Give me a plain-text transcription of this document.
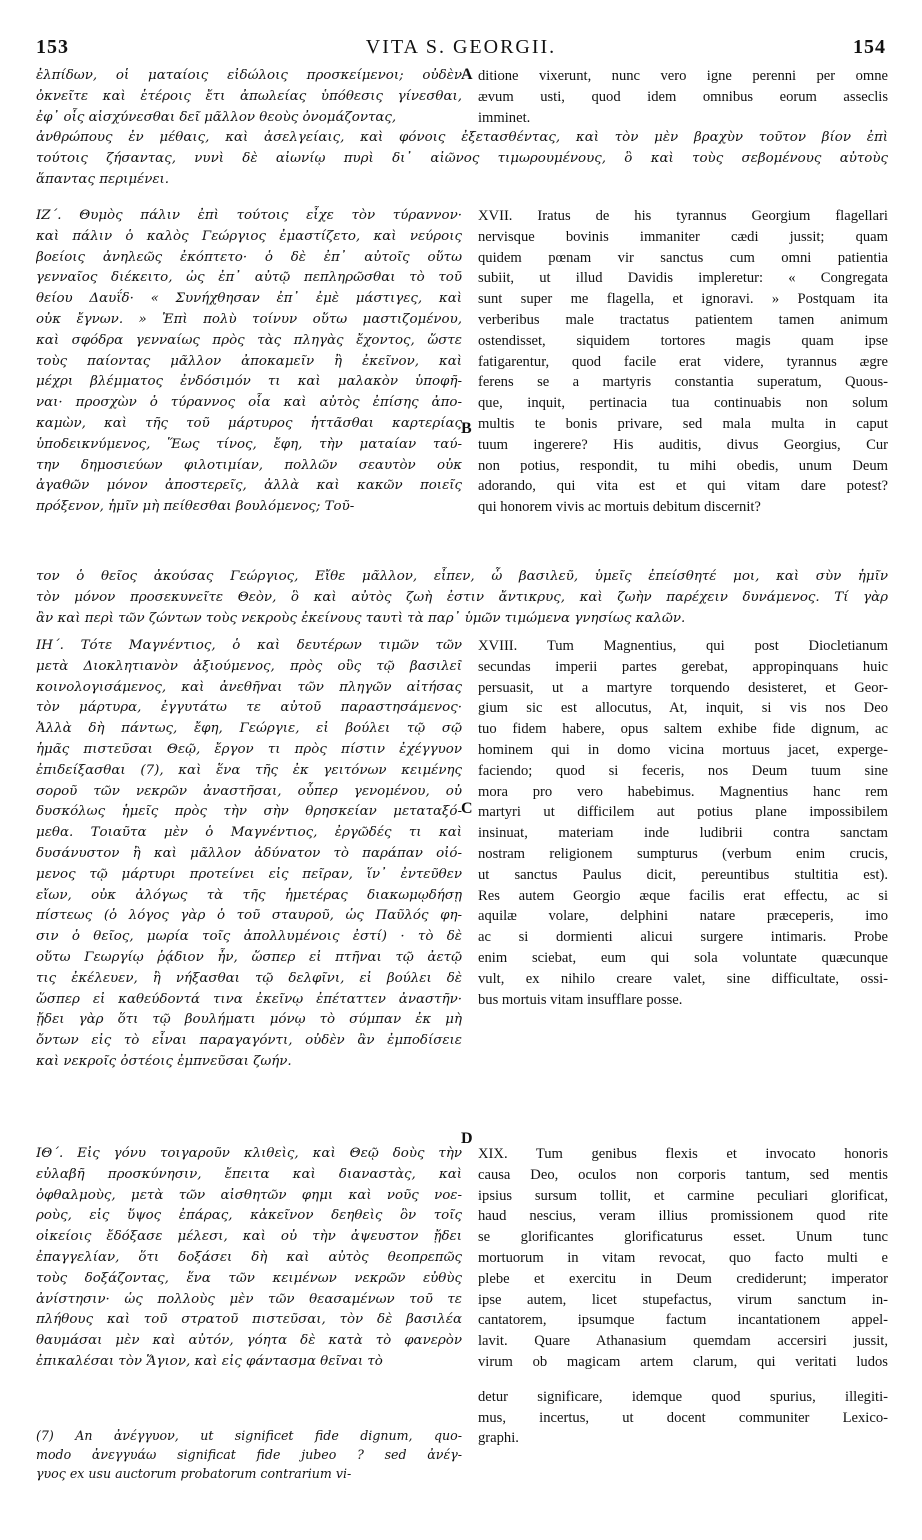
153	VITA S. GEORGII.	154
A
B
C
D
ἐλπίδων, οἱ ματαίοις εἰδώλοις προσκείμενοι; οὐδὲν
ὀκνεῖτε καὶ ἑτέροις ἔτι ἀπωλείας ὑπόθεσις γίνεσθαι,
ἐφ᾽ οἷς αἰσχύνεσθαι δεῖ μᾶλλον θεοὺς ὀνομάζοντας,
ἀνθρώπους ἐν μέθαις, καὶ ἀσελγείαις, καὶ φόνοις ἐξετασθέντας, καὶ τὸν μὲν βραχὺν τοῦτον βίον ἐπὶ
τούτοις ζήσαντας, νυνὶ δὲ αἰωνίῳ πυρὶ δι᾽ αἰῶνος τιμωρουμένους, ὃ καὶ τοὺς σεβομένους αὐτοὺς
ἅπαντας περιμένει.
ditione vixerunt, nunc vero igne perenni per omne
ævum usti, quod idem omnibus eorum asseclis
imminet.
ΙΖ΄. Θυμὸς πάλιν ἐπὶ τούτοις εἶχε τὸν τύραννον·
καὶ πάλιν ὁ καλὸς Γεώργιος ἐμαστίζετο, καὶ νεύροις
βοείοις ἀνηλεῶς ἐκόπτετο· ὁ δὲ ἐπ᾽ αὐτοῖς οὕτω
γενναῖος διέκειτο, ὡς ἐπ᾽ αὐτῷ πεπληρῶσθαι τὸ τοῦ
θείου Δαυΐδ· « Συνήχθησαν ἐπ᾽ ἐμὲ μάστιγες, καὶ
οὐκ ἔγνων. » Ἐπὶ πολὺ τοίνυν οὕτω μαστιζομένου,
καὶ σφόδρα γενναίως πρὸς τὰς πληγὰς ἔχοντος, ὥστε
τοὺς παίοντας μᾶλλον ἀποκαμεῖν ἢ ἐκεῖνον, καὶ
μέχρι βλέμματος ἐνδόσιμόν τι καὶ μαλακὸν ὑποφῆ-
ναι· προσχὼν ὁ τύραννος οἷα καὶ αὐτὸς ἐπίσης ἀπο-
καμὼν, καὶ τῆς τοῦ μάρτυρος ἡττᾶσθαι καρτερίας
ὑποδεικνύμενος, Ἕως τίνος, ἔφη, τὴν ματαίαν ταύ-
την δημοσιεύων φιλοτιμίαν, πολλῶν σεαυτὸν οὐκ
ἀγαθῶν μόνον ἀποστερεῖς, ἀλλὰ καὶ κακῶν ποιεῖς
πρόξενον, ἡμῖν μὴ πείθεσθαι βουλόμενος; Τοῦ-
XVII. Iratus de his tyrannus Georgium flagellari
nervisque bovinis immaniter cædi jussit; quam
quidem pœnam vir sanctus cum omni patientia
subiit, ut illud Davidis impleretur: « Congregata
sunt super me flagella, et ignoravi. » Postquam ita
verberibus male tractatus patientem tamen animum
ostendisset, siquidem tortores magis quam ipse
fatigarentur, quod facile erat videre, tyrannus ægre
ferens se a martyris constantia superatum, Quous-
que, inquit, pertinacia tua continuabis non solum
multis te bonis privare, sed mala multa in caput
tuum ingerere? His auditis, divus Georgius, Cur
non potius, respondit, tu mihi obedis, unum Deum
adorando, qui vita est et qui vitam dare potest?
qui honorem vivis ac mortuis debitum discernit?
τον ὁ θεῖος ἀκούσας Γεώργιος, Εἴθε μᾶλλον, εἶπεν, ὦ βασιλεῦ, ὑμεῖς ἐπείσθητέ μοι, καὶ σὺν ἡμῖν
τὸν μόνον προσεκυνεῖτε Θεὸν, ὃ καὶ αὐτὸς ζωὴ ἐστιν ἄντικρυς, καὶ ζωὴν παρέχειν δυνάμενος. Τί γὰρ
ἂν καὶ περὶ τῶν ζώντων τοὺς νεκροὺς ἐκείνους ταυτὶ τὰ παρ᾽ ὑμῶν τιμώμενα γνησίως καλῶν.
ΙΗ΄. Τότε Μαγνέντιος, ὁ καὶ δευτέρων τιμῶν τῶν
μετὰ Διοκλητιανὸν ἀξιούμενος, πρὸς οὓς τῷ βασιλεῖ
κοινολογισάμενος, καὶ ἀνεθῆναι τῶν πληγῶν αἰτήσας
τὸν μάρτυρα, ἐγγυτάτω τε αὐτοῦ παραστησάμενος·
Ἀλλὰ δὴ πάντως, ἔφη, Γεώργιε, εἰ βούλει τῷ σῷ
ἡμᾶς πιστεῦσαι Θεῷ, ἔργον τι πρὸς πίστιν ἐχέγγυον
ἐπιδείξασθαι (7), καὶ ἕνα τῆς ἐκ γειτόνων κειμένης
σοροῦ τῶν νεκρῶν ἀναστῆσαι, οὗπερ γενομένου, οὐ
δυσκόλως ἡμεῖς πρὸς τὴν σὴν θρησκείαν μεταταξό-
μεθα. Τοιαῦτα μὲν ὁ Μαγνέντιος, ἐργῶδές τι καὶ
δυσάνυστον ἢ καὶ μᾶλλον ἀδύνατον τὸ παράπαν οἰό-
μενος τῷ μάρτυρι προτείνει εἰς πεῖραν, ἵν᾽ ἐντεῦθεν
εἴων, οὐκ ἀλόγως τὰ τῆς ἡμετέρας διακωμῳδήσῃ
πίστεως (ὁ λόγος γὰρ ὁ τοῦ σταυροῦ, ὡς Παῦλός φη-
σιν ὁ θεῖος, μωρία τοῖς ἀπολλυμένοις ἐστί) · τὸ δὲ
οὕτω Γεωργίῳ ῥᾴδιον ἦν, ὥσπερ εἰ πτῆναι τῷ ἀετῷ
τις ἐκέλευεν, ἢ νήξασθαι τῷ δελφῖνι, εἰ βούλει δὲ
ὥσπερ εἰ καθεύδοντά τινα ἐκεῖνῳ ἐπέταττεν ἀναστῆν·
ᾔδει γὰρ ὅτι τῷ βουλήματι μόνῳ τὸ σύμπαν ἐκ μὴ
ὄντων εἰς τὸ εἶναι παραγαγόντι, οὐδὲν ἂν ἐμποδίσειε
καὶ νεκροῖς ὀστέοις ἐμπνεῦσαι ζωήν.
XVIII. Tum Magnentius, qui post Diocletianum
secundas imperii partes gerebat, appropinquans huic
persuasit, ut a martyre torquendo desisteret, et Geor-
gium sic est allocutus, At, inquit, si vis nos Deo
tuo fidem habere, opus saltem exhibe fide dignum, ac
hominem qui in domo vicina mortuus jacet, experge-
faciendo; quod si feceris, nos Deum tuum sine
mora pro vero habebimus. Magnentius hanc rem
martyri ut difficilem aut potius plane impossibilem
insinuat, materiam inde ludibrii contra sanctam
nostram religionem sumpturus (verbum enim crucis,
ut sanctus Paulus dicit, pereuntibus stultitia est).
Res autem Georgio æque facilis erat effectu, ac si
aquilæ volare, delphini natare præceperis, imo
ac si dormienti alicui surgere intimaris. Probe
enim sciebat, eum qui sola voluntate quæcunque
vult, ex nihilo creare valet, sine difficultate, ossi-
bus mortuis vitam insufflare posse.
ΙΘ΄. Εἰς γόνυ τοιγαροῦν κλιθεὶς, καὶ Θεῷ δοὺς τὴν
εὐλαβῆ προσκύνησιν, ἔπειτα καὶ διαναστὰς, καὶ
ὀφθαλμοὺς, μετὰ τῶν αἰσθητῶν φημι καὶ νοῦς νοε-
ροὺς, εἰς ὕψος ἐπάρας, κἀκεῖνον δεηθεὶς ὃν τοῖς
οἰκείοις ἔδόξασε μέλεσι, καὶ οὐ τὴν ἀψευστον ᾔδει
ἐπαγγελίαν, ὅτι δοξάσει δὴ καὶ αὐτὸς θεοπρεπῶς
τοὺς δοξάζοντας, ἕνα τῶν κειμένων νεκρῶν εὐθὺς
ἀνίστησιν· ὡς πολλοὺς μὲν τῶν θεασαμένων τοῦ τε
πλήθους καὶ τοῦ στρατοῦ πιστεῦσαι, τὸν δὲ βασιλέα
θαυμάσαι μὲν καὶ αὐτόν, γόητα δὲ κατὰ τὸ φανερὸν
ἐπικαλέσαι τὸν Ἅγιον, καὶ εἰς φάντασμα θεῖναι τὸ
XIX. Tum genibus flexis et invocato honoris
causa Deo, oculos non corporis tantum, sed mentis
ipsius sursum tollit, et carmine peculiari glorificat,
haud nescius, veram illius promissionem quod rite
se glorificantes glorificaturus esset. Unum tunc
mortuorum in vitam revocat, quo facto multi e
plebe et exercitu in Deum crediderunt; imperator
ipse autem, licet stupefactus, virum sanctum in-
cantatorem, ipsumque factum incantationem appel-
lavit. Quare Athanasium quemdam accersiri jussit,
virum ob magicam artem clarum, qui veritati ludos
detur significare, idemque quod spurius, illegiti-
mus, incertus, ut docent communiter Lexico-
graphi.
(7) An ἀνέγγυον, ut significet fide dignum, quo-
modo ἀνεγγυάω significat fide jubeo ? sed ἀνέγ-
γυος ex usu auctorum probatorum contrarium vi-
